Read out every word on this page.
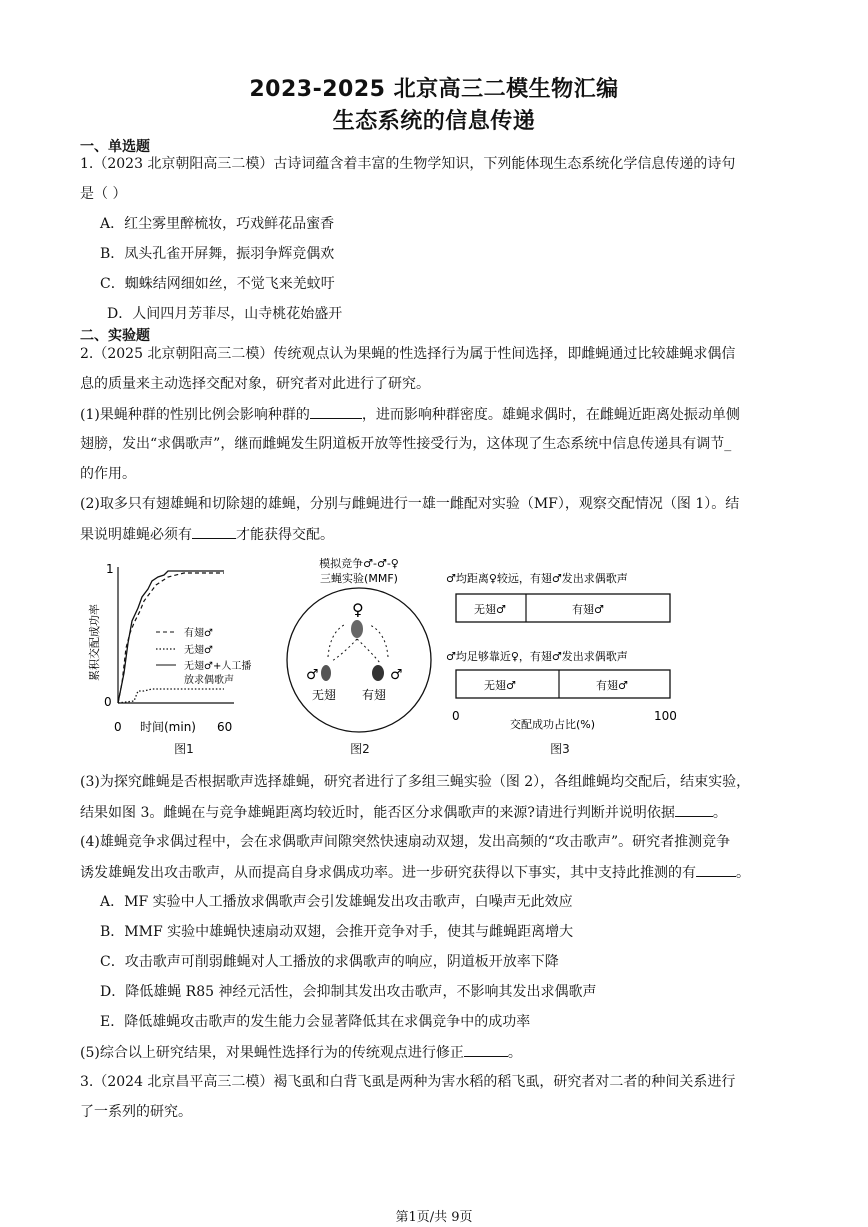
2023-2025 北京高三二模生物汇编
生态系统的信息传递
一、单选题
1.（2023 北京朝阳高三二模）古诗词蕴含着丰富的生物学知识，下列能体现生态系统化学信息传递的诗句
是（ ）
A．红尘雾里醉梳妆，巧戏鲜花品蜜香
B．凤头孔雀开屏舞，振羽争辉竞偶欢
C．蜘蛛结网细如丝，不觉飞来羌蚊吁
D．人间四月芳菲尽，山寺桃花始盛开
二、实验题
2.（2025 北京朝阳高三二模）传统观点认为果蝇的性选择行为属于性间选择，即雌蝇通过比较雄蝇求偶信
息的质量来主动选择交配对象，研究者对此进行了研究。
(1)果蝇种群的性别比例会影响种群的	，进而影响种群密度。雄蝇求偶时，在雌蝇近距离处振动单侧
翅膀，发出“求偶歌声”，继而雌蝇发生阴道板开放等性接受行为，这体现了生态系统中信息传递具有调节_
的作用。
(2)取多只有翅雄蝇和切除翅的雄蝇，分别与雌蝇进行一雄一雌配对实验（MF），观察交配情况（图 1）。结
果说明雄蝇必须有	才能获得交配。
1
0
0 时间(min) 60
累积交配成功率	有翅♂
无翅♂
无翅♂+人工播
放求偶歌声
图1
模拟竞争♂-♂-♀
三蝇实验(MMF)
♀
♂	♂
无翅 有翅
图2
♂均距离♀较远，有翅♂发出求偶歌声
无翅♂	有翅♂
♂均足够靠近♀，有翅♂发出求偶歌声
无翅♂	有翅♂
0	100
交配成功占比(%)
图3
(3)为探究雌蝇是否根据歌声选择雄蝇，研究者进行了多组三蝇实验（图 2），各组雌蝇均交配后，结束实验，
结果如图 3。雌蝇在与竞争雄蝇距离均较近时，能否区分求偶歌声的来源?请进行判断并说明依据	。
(4)雄蝇竞争求偶过程中，会在求偶歌声间隙突然快速扇动双翅，发出高频的“攻击歌声”。研究者推测竞争
诱发雄蝇发出攻击歌声，从而提高自身求偶成功率。进一步研究获得以下事实，其中支持此推测的有	。
A．MF 实验中人工播放求偶歌声会引发雄蝇发出攻击歌声，白噪声无此效应
B．MMF 实验中雄蝇快速扇动双翅，会推开竞争对手，使其与雌蝇距离增大
C．攻击歌声可削弱雌蝇对人工播放的求偶歌声的响应，阴道板开放率下降
D．降低雄蝇 R85 神经元活性，会抑制其发出攻击歌声，不影响其发出求偶歌声
E．降低雄蝇攻击歌声的发生能力会显著降低其在求偶竞争中的成功率
(5)综合以上研究结果，对果蝇性选择行为的传统观点进行修正	。
3.（2024 北京昌平高三二模）褐飞虱和白背飞虱是两种为害水稻的稻飞虱，研究者对二者的种间关系进行
了一系列的研究。
第1页/共 9页
